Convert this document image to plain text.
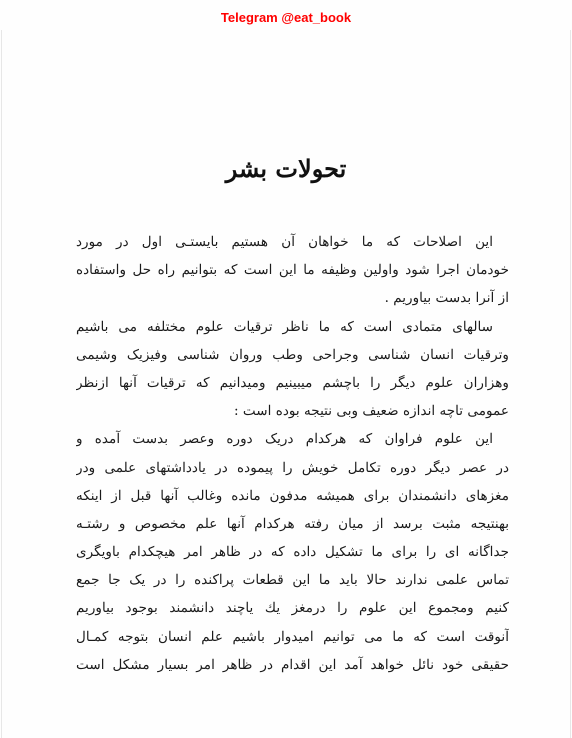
Telegram @eat_book
تحولات بشر
این اصلاحات که ما خواهان آن هستیم بایستـی اول در مورد
خودمان اجرا شود واولین وظیفه ما این است که بتوانیم راه حل واستفاده
از آنرا بدست بیاوریم .
سالهای متمادی است که ما ناظر ترقیات علوم مختلفه می باشیم
وترقیات انسان شناسی وجراحی وطب وروان شناسی وفیزیک وشیمی
وهزاران علوم دیگر را باچشم میبینیم ومیدانیم که ترقیات آنها ازنظر
عمومی تاچه اندازه ضعیف وبی نتیجه بوده است :
این علوم فراوان که هرکدام دریک دوره وعصر بدست آمده و
در عصر دیگر دوره تکامل خویش را پیموده در یادداشتهای علمی ودر
مغزهای دانشمندان برای همیشه مدفون مانده وغالب آنها قبل از اینکه
بهنتیجه مثبت برسد از میان رفته هرکدام آنها علم مخصوص و رشتـه
جداگانه ای را برای ما تشکیل داده که در ظاهر امر هیچکدام باویگری
تماس علمی ندارند حالا باید ما این قطعات پراکنده را در یک جا جمع
کنیم ومجموع این علوم را درمغز یك یاچند دانشمند بوجود بیاوریم
آنوقت است که ما می توانیم امیدوار باشیم علم انسان بتوجه کمـال
حقیقی خود نائل خواهد آمد این اقدام در ظاهر امر بسیار مشکل است
